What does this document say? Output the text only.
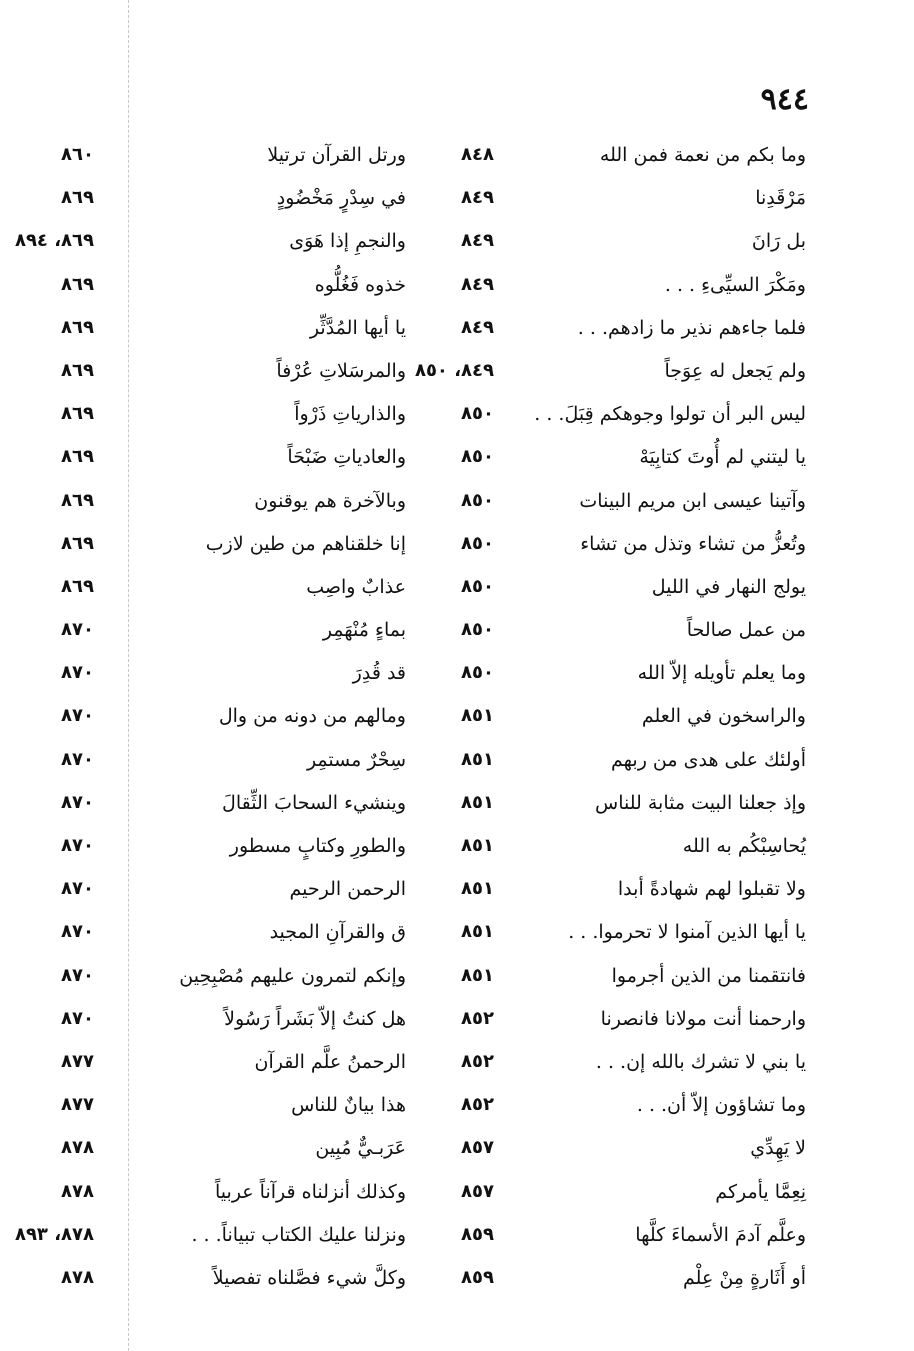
٩٤٤
وما بكم من نعمة فمن الله
٨٤٨
ورتل القرآن ترتيلا
٨٦٠
مَرْقَدِنا
٨٤٩
في سِدْرٍ مَخْضُودٍ
٨٦٩
بل رَانَ
٨٤٩
والنجمِ إذا هَوَى
٨٦٩، ٨٩٤
ومَكْرَ السيِّىءِ . . .
٨٤٩
خذوه فَغُلُّوه
٨٦٩
فلما جاءهم نذير ما زادهم. . .
٨٤٩
يا أيها المُدَّثِّر
٨٦٩
ولم يَجعل له عِوَجاً
٨٤٩، ٨٥٠
والمرسَلاتِ عُرْفاً
٨٦٩
ليس البر أن تولوا وجوهكم قِبَلَ. . .
٨٥٠
والذارياتِ ذَرْواً
٨٦٩
يا ليتني لم أُوتَ كتابِيَهْ
٨٥٠
والعادياتِ ضَبْحَاً
٨٦٩
وآتينا عيسى ابن مريم البينات
٨٥٠
وبالآخرة هم يوقنون
٨٦٩
وتُعزُّ من تشاء وتذل من تشاء
٨٥٠
إنا خلقناهم من طين لازب
٨٦٩
يولج النهار في الليل
٨٥٠
عذابٌ واصِب
٨٦٩
من عمل صالحاً
٨٥٠
بماءٍ مُنْهَمِر
٨٧٠
وما يعلم تأويله إلاّ الله
٨٥٠
قد قُدِرَ
٨٧٠
والراسخون في العلم
٨٥١
ومالهم من دونه من وال
٨٧٠
أولئك على هدى من ربهم
٨٥١
سِحْرٌ مستمِر
٨٧٠
وإذ جعلنا البيت مثابة للناس
٨٥١
وينشيء السحابَ الثِّقالَ
٨٧٠
يُحاسِبْكُم به الله
٨٥١
والطورِ وكتابٍ مسطور
٨٧٠
ولا تقبلوا لهم شهادةً أبدا
٨٥١
الرحمن الرحيم
٨٧٠
يا أيها الذين آمنوا لا تحرموا. . .
٨٥١
ق والقرآنِ المجيد
٨٧٠
فانتقمنا من الذين أجرموا
٨٥١
وإنكم لتمرون عليهم مُصْبِحِين
٨٧٠
وارحمنا أنت مولانا فانصرنا
٨٥٢
هل كنتُ إلاّ بَشَراً رَسُولاً
٨٧٠
يا بني لا تشرك بالله إن. . .
٨٥٢
الرحمنُ علَّم القرآن
٨٧٧
وما تشاؤون إلاّ أن. . .
٨٥٢
هذا بيانٌ للناس
٨٧٧
لا يَهِدِّي
٨٥٧
عَرَبـيٌّ مُبِين
٨٧٨
نِعِمَّا يأمركم
٨٥٧
وكذلك أنزلناه قرآناً عربياً
٨٧٨
وعلَّم آدمَ الأسماءَ كلَّها
٨٥٩
ونزلنا عليك الكتاب تبياناً. . .
٨٧٨، ٨٩٣
أو أَثَارةٍ مِنْ عِلْم
٨٥٩
وكلَّ شيء فصَّلناه تفصيلاً
٨٧٨
